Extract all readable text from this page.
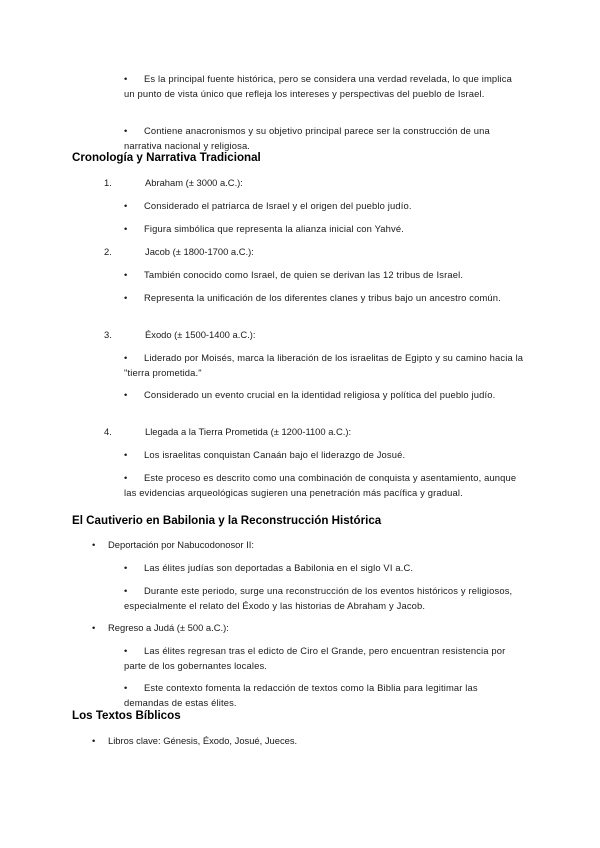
•	Es la principal fuente histórica, pero se considera una verdad revelada, lo que implica un punto de vista único que refleja los intereses y perspectivas del pueblo de Israel.
•	Contiene anacronismos y su objetivo principal parece ser la construcción de una narrativa nacional y religiosa.
Cronología y Narrativa Tradicional
1.	Abraham (± 3000 a.C.):
•	Considerado el patriarca de Israel y el origen del pueblo judío.
•	Figura simbólica que representa la alianza inicial con Yahvé.
2.	Jacob (± 1800-1700 a.C.):
•	También conocido como Israel, de quien se derivan las 12 tribus de Israel.
•	Representa la unificación de los diferentes clanes y tribus bajo un ancestro común.
3.	Éxodo (± 1500-1400 a.C.):
•	Liderado por Moisés, marca la liberación de los israelitas de Egipto y su camino hacia la "tierra prometida."
•	Considerado un evento crucial en la identidad religiosa y política del pueblo judío.
4.	Llegada a la Tierra Prometida (± 1200-1100 a.C.):
•	Los israelitas conquistan Canaán bajo el liderazgo de Josué.
•	Este proceso es descrito como una combinación de conquista y asentamiento, aunque las evidencias arqueológicas sugieren una penetración más pacífica y gradual.
El Cautiverio en Babilonia y la Reconstrucción Histórica
• Deportación por Nabucodonosor II:
•	Las élites judías son deportadas a Babilonia en el siglo VI a.C.
•	Durante este periodo, surge una reconstrucción de los eventos históricos y religiosos, especialmente el relato del Éxodo y las historias de Abraham y Jacob.
• Regreso a Judá (± 500 a.C.):
•	Las élites regresan tras el edicto de Ciro el Grande, pero encuentran resistencia por parte de los gobernantes locales.
•	Este contexto fomenta la redacción de textos como la Biblia para legitimar las demandas de estas élites.
Los Textos Bíblicos
• Libros clave: Génesis, Éxodo, Josué, Jueces.
